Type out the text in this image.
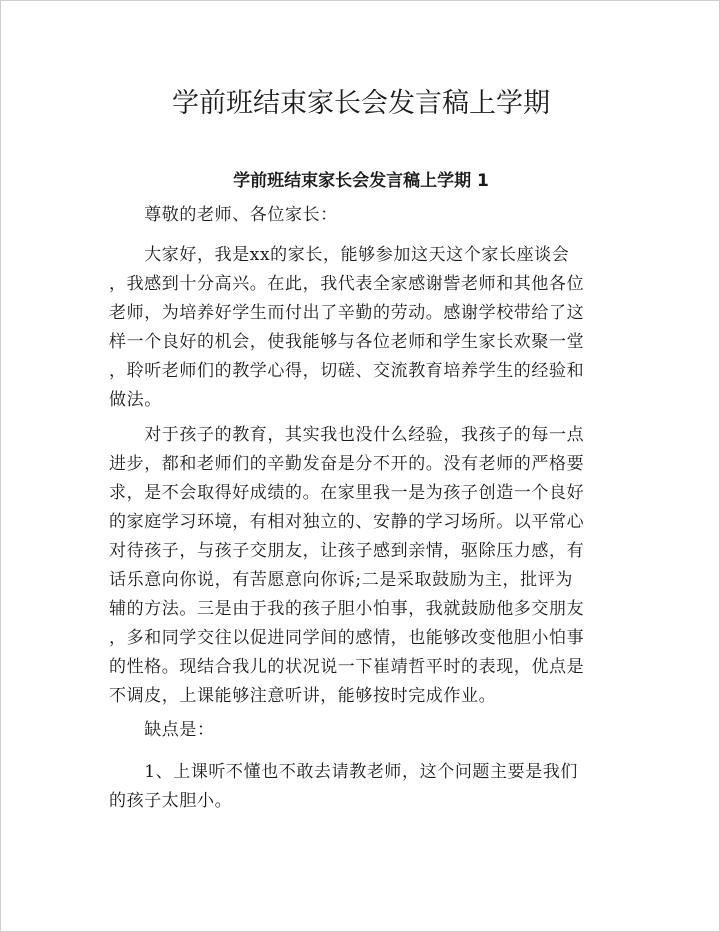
学前班结束家长会发言稿上学期
学前班结束家长会发言稿上学期 1

　　尊敬的老师、各位家长：

　　大家好，我是xx的家长，能够参加这天这个家长座谈会
，我感到十分高兴。在此，我代表全家感谢訾老师和其他各位
老师，为培养好学生而付出了辛勤的劳动。感谢学校带给了这
样一个良好的机会，使我能够与各位老师和学生家长欢聚一堂
，聆听老师们的教学心得，切磋、交流教育培养学生的经验和
做法。

　　对于孩子的教育，其实我也没什么经验，我孩子的每一点
进步，都和老师们的辛勤发奋是分不开的。没有老师的严格要
求，是不会取得好成绩的。在家里我一是为孩子创造一个良好
的家庭学习环境，有相对独立的、安静的学习场所。以平常心
对待孩子，与孩子交朋友，让孩子感到亲情，驱除压力感，有
话乐意向你说，有苦愿意向你诉;二是采取鼓励为主，批评为
辅的方法。三是由于我的孩子胆小怕事，我就鼓励他多交朋友
，多和同学交往以促进同学间的感情，也能够改变他胆小怕事
的性格。现结合我儿的状况说一下崔靖哲平时的表现，优点是
不调皮，上课能够注意听讲，能够按时完成作业。

　　缺点是：

　　1、上课听不懂也不敢去请教老师，这个问题主要是我们
的孩子太胆小。
